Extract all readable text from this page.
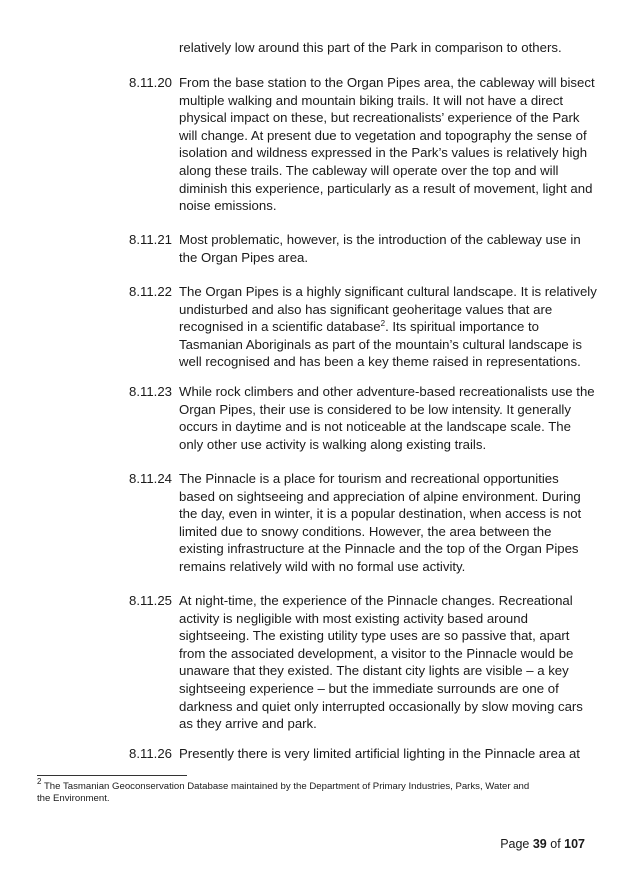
relatively low around this part of the Park in comparison to others.
8.11.20 From the base station to the Organ Pipes area, the cableway will bisect
multiple walking and mountain biking trails. It will not have a direct
physical impact on these, but recreationalists’ experience of the Park
will change. At present due to vegetation and topography the sense of
isolation and wildness expressed in the Park’s values is relatively high
along these trails. The cableway will operate over the top and will
diminish this experience, particularly as a result of movement, light and
noise emissions.
8.11.21 Most problematic, however, is the introduction of the cableway use in
the Organ Pipes area.
8.11.22 The Organ Pipes is a highly significant cultural landscape. It is relatively
undisturbed and also has significant geoheritage values that are
recognised in a scientific database$^2$. Its spiritual importance to
Tasmanian Aboriginals as part of the mountain’s cultural landscape is
well recognised and has been a key theme raised in representations.
8.11.23 While rock climbers and other adventure-based recreationalists use the
Organ Pipes, their use is considered to be low intensity. It generally
occurs in daytime and is not noticeable at the landscape scale. The
only other use activity is walking along existing trails.
8.11.24 The Pinnacle is a place for tourism and recreational opportunities
based on sightseeing and appreciation of alpine environment. During
the day, even in winter, it is a popular destination, when access is not
limited due to snowy conditions. However, the area between the
existing infrastructure at the Pinnacle and the top of the Organ Pipes
remains relatively wild with no formal use activity.
8.11.25 At night-time, the experience of the Pinnacle changes. Recreational
activity is negligible with most existing activity based around
sightseeing. The existing utility type uses are so passive that, apart
from the associated development, a visitor to the Pinnacle would be
unaware that they existed. The distant city lights are visible – a key
sightseeing experience – but the immediate surrounds are one of
darkness and quiet only interrupted occasionally by slow moving cars
as they arrive and park.
8.11.26 Presently there is very limited artificial lighting in the Pinnacle area at
$^2$ The Tasmanian Geoconservation Database maintained by the Department of Primary Industries, Parks, Water and
the Environment.
Page 39 of 107
